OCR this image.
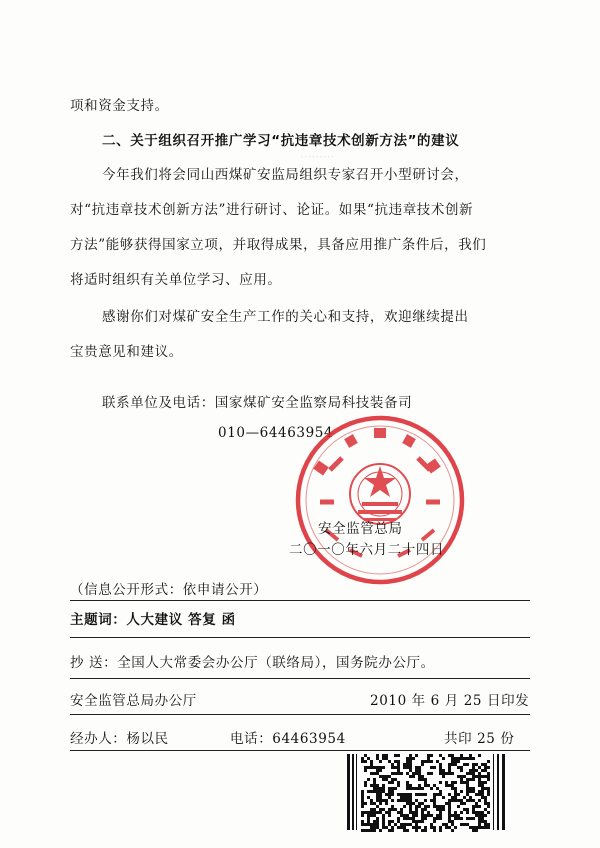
·········
项和资金支持。
二、关于组织召开推广学习“抗违章技术创新方法”的建议
今年我们将会同山西煤矿安监局组织专家召开小型研讨会，
对“抗违章技术创新方法”进行研讨、论证。如果“抗违章技术创新
方法”能够获得国家立项，并取得成果，具备应用推广条件后，我们
将适时组织有关单位学习、应用。
感谢你们对煤矿安全生产工作的关心和支持，欢迎继续提出
宝贵意见和建议。
联系单位及电话：国家煤矿安全监察局科技装备司
010—64463954
安全监管总局
二〇一〇年六月二十四日
（信息公开形式：依申请公开）
主题词：人大建议 答复 函
抄 送：全国人大常委会办公厅（联络局），国务院办公厅。
安全监管总局办公厅	2010 年 6 月 25 日印发
经办人：杨以民	电话：64463954	共印 25 份
